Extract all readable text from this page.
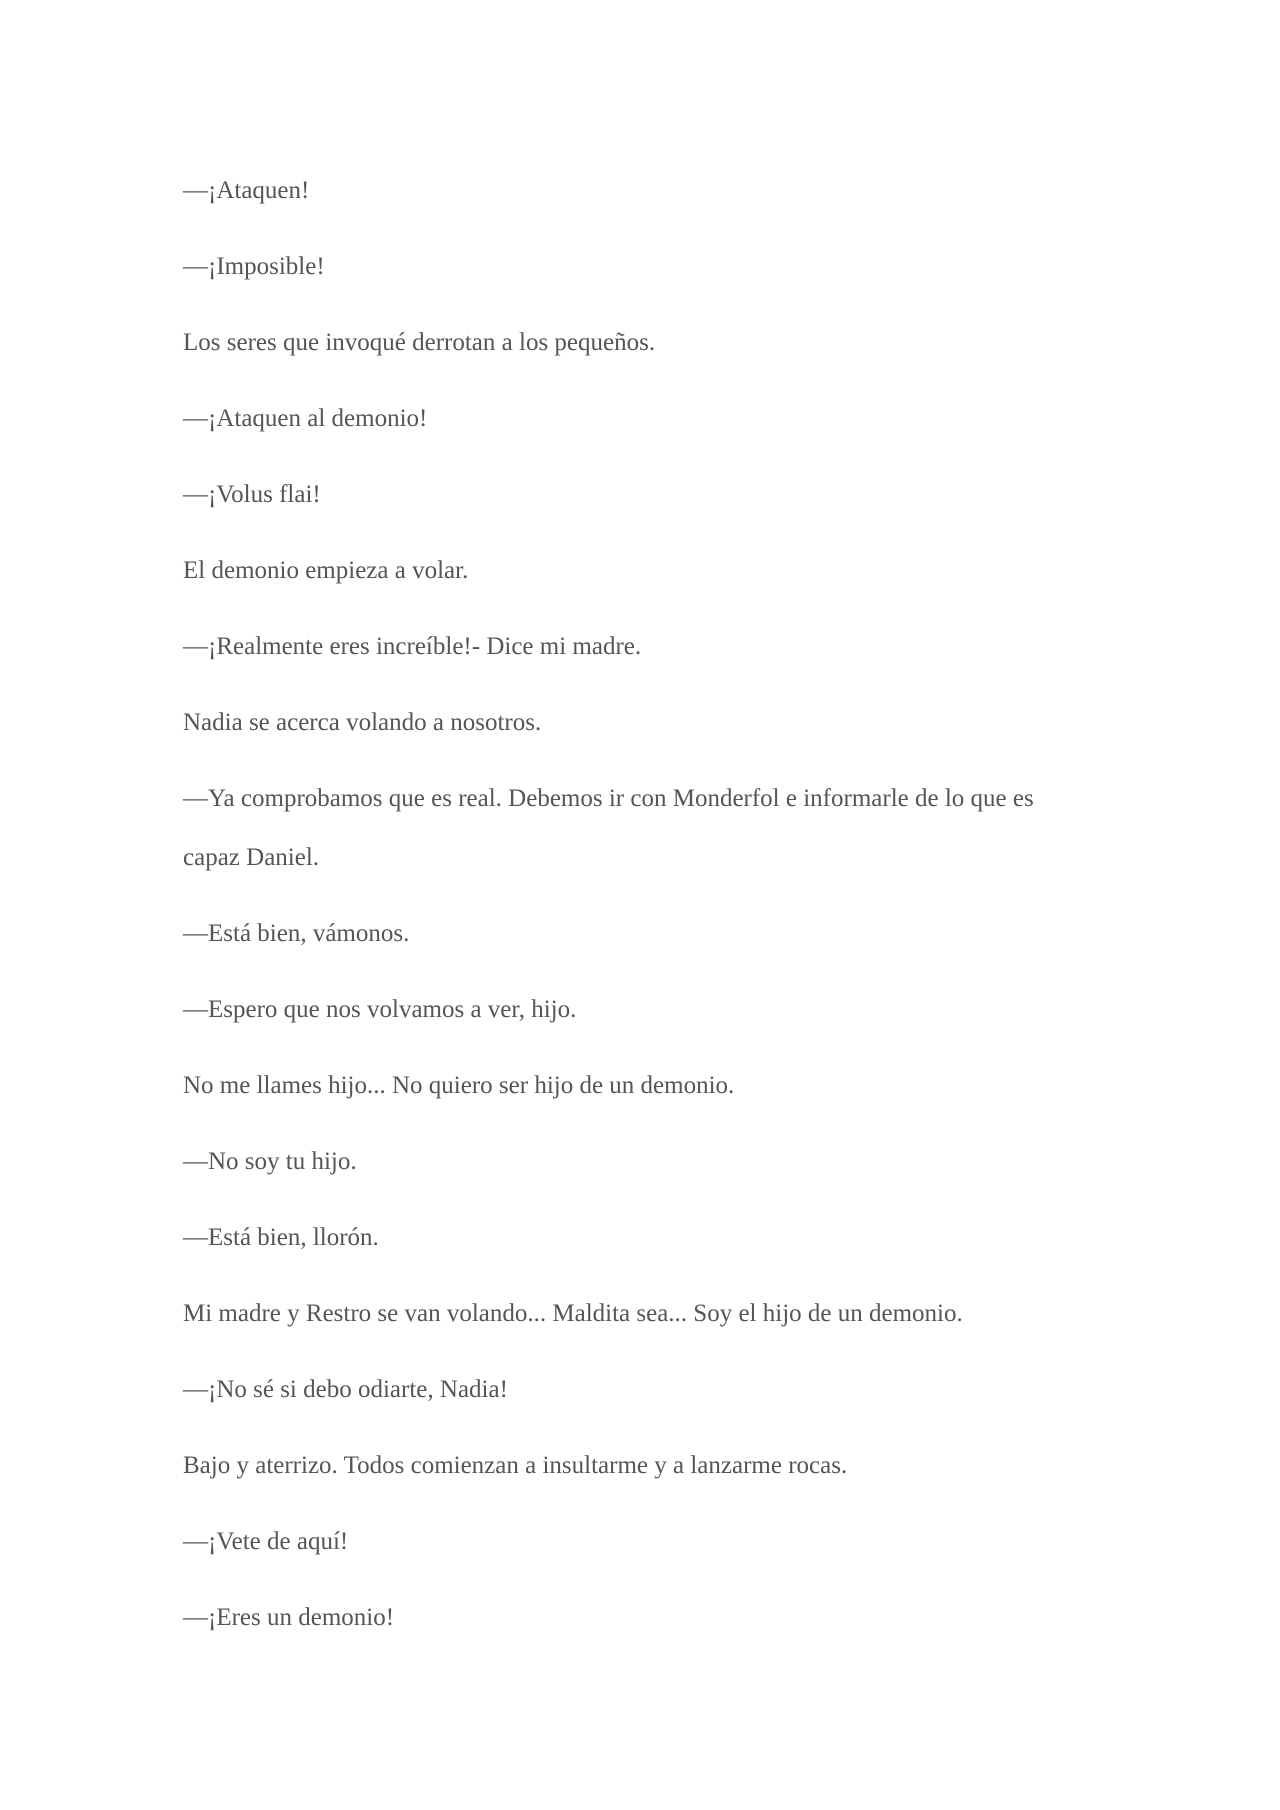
—¡Ataquen!

—¡Imposible!

Los seres que invoqué derrotan a los pequeños.

—¡Ataquen al demonio!

—¡Volus flai!

El demonio empieza a volar.

—¡Realmente eres increíble!- Dice mi madre.

Nadia se acerca volando a nosotros.

—Ya comprobamos que es real. Debemos ir con Monderfol e informarle de lo que es
capaz Daniel.

—Está bien, vámonos.

—Espero que nos volvamos a ver, hijo.

No me llames hijo... No quiero ser hijo de un demonio.

—No soy tu hijo.

—Está bien, llorón.

Mi madre y Restro se van volando... Maldita sea... Soy el hijo de un demonio.

—¡No sé si debo odiarte, Nadia!

Bajo y aterrizo. Todos comienzan a insultarme y a lanzarme rocas.

—¡Vete de aquí!

—¡Eres un demonio!
